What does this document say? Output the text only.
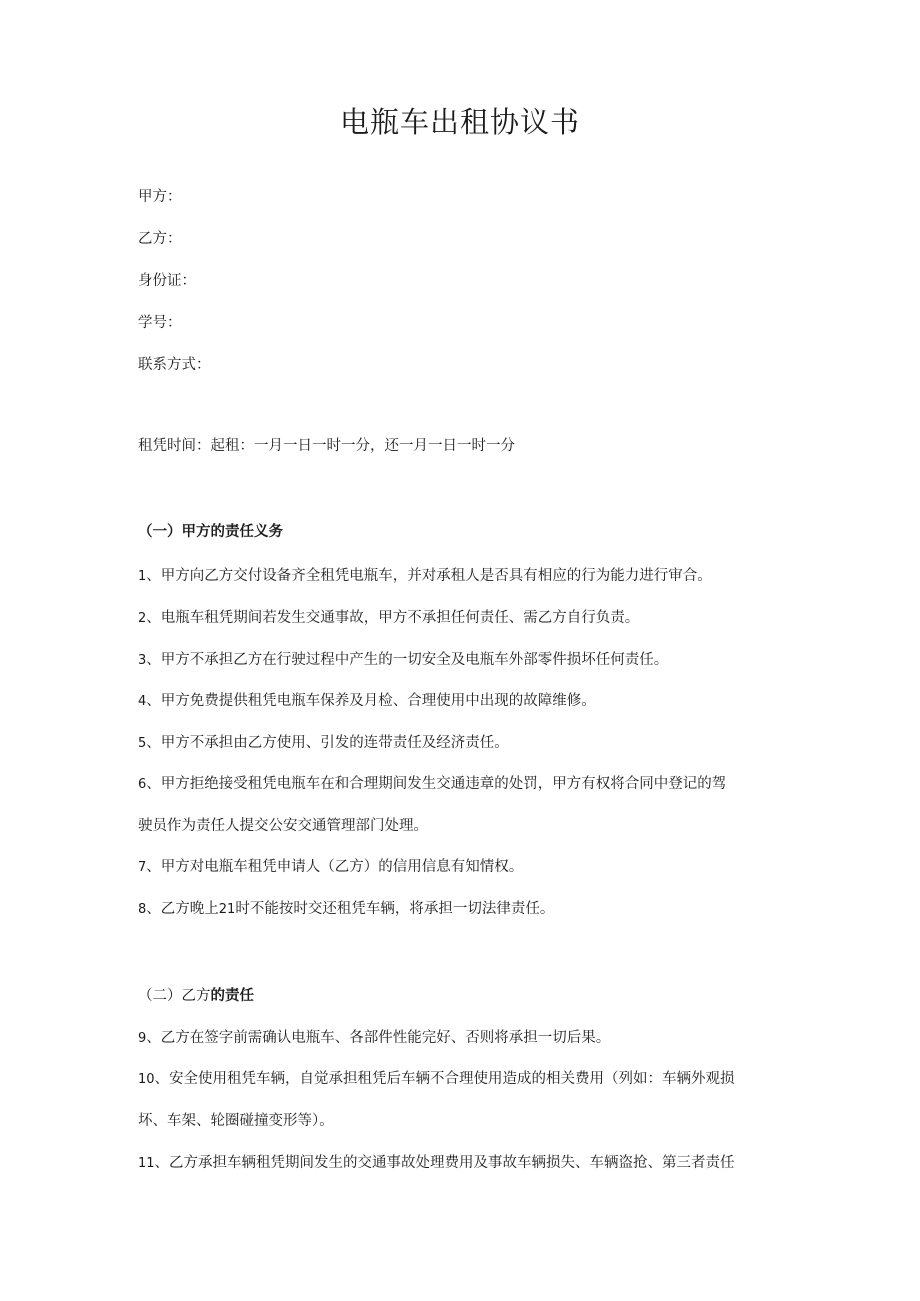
电瓶车出租协议书
甲方：
乙方：
身份证：
学号：
联系方式：
租凭时间：起租：一月一日一时一分，还一月一日一时一分
（一）甲方的责任义务
1、甲方向乙方交付设备齐全租凭电瓶车，并对承租人是否具有相应的行为能力进行审合。
2、电瓶车租凭期间若发生交通事故，甲方不承担任何责任、需乙方自行负责。
3、甲方不承担乙方在行驶过程中产生的一切安全及电瓶车外部零件损坏任何责任。
4、甲方免费提供租凭电瓶车保养及月检、合理使用中出现的故障维修。
5、甲方不承担由乙方使用、引发的连带责任及经济责任。
6、甲方拒绝接受租凭电瓶车在和合理期间发生交通违章的处罚，甲方有权将合同中登记的驾
驶员作为责任人提交公安交通管理部门处理。
7、甲方对电瓶车租凭申请人（乙方）的信用信息有知情权。
8、乙方晚上21时不能按时交还租凭车辆，将承担一切法律责任。
（二）乙方的责任
9、乙方在签字前需确认电瓶车、各部件性能完好、否则将承担一切后果。
10、安全使用租凭车辆，自觉承担租凭后车辆不合理使用造成的相关费用（列如：车辆外观损
坏、车架、轮圈碰撞变形等）。
11、乙方承担车辆租凭期间发生的交通事故处理费用及事故车辆损失、车辆盗抢、第三者责任
